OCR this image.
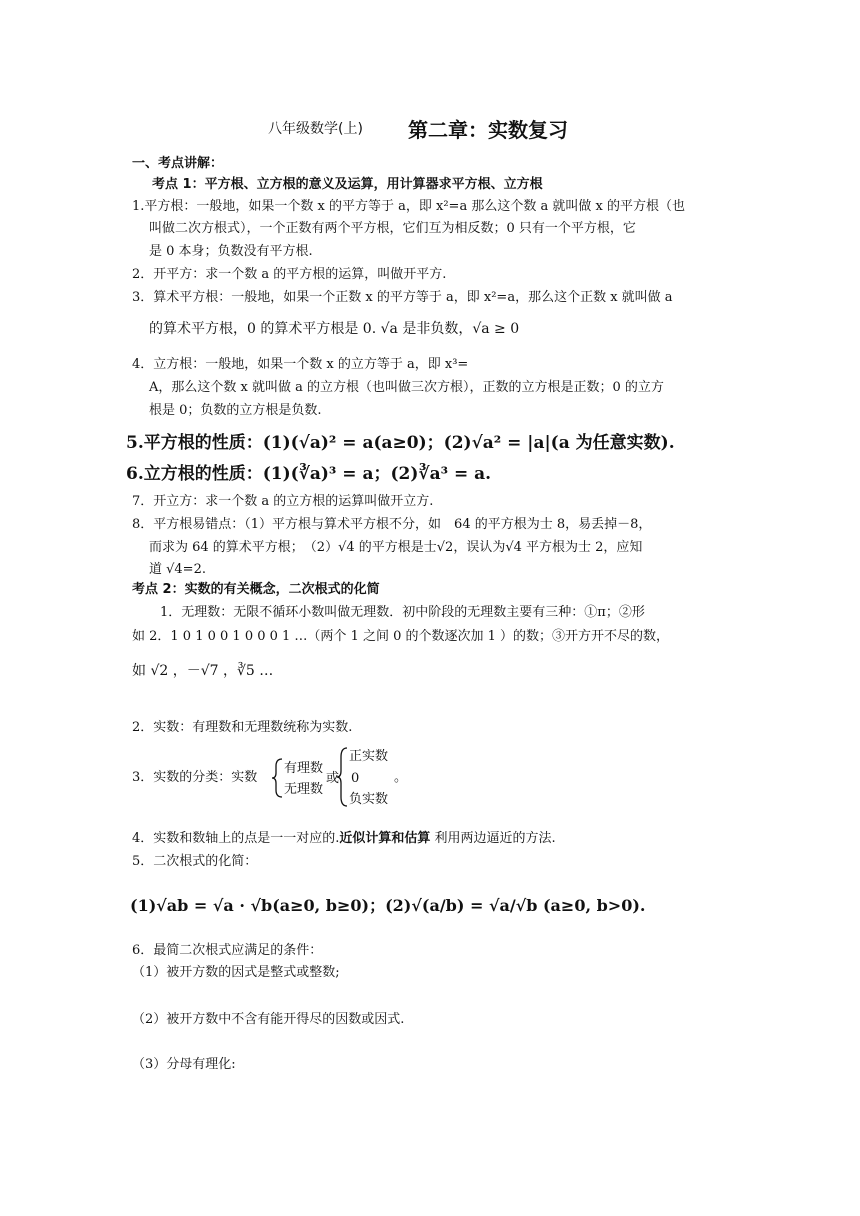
八年级数学(上) 第二章：实数复习
一、考点讲解：
考点 1：平方根、立方根的意义及运算，用计算器求平方根、立方根
1.平方根：一般地，如果一个数 x 的平方等于 a，即 x²=a 那么这个数 a 就叫做 x 的平方根（也
叫做二次方根式），一个正数有两个平方根，它们互为相反数；0 只有一个平方根，它
是 0 本身；负数没有平方根.
2．开平方：求一个数 a 的平方根的运算，叫做开平方.
3．算术平方根：一般地，如果一个正数 x 的平方等于 a，即 x²=a，那么这个正数 x 就叫做 a
的算术平方根，0 的算术平方根是 0. √a 是非负数，√a ≥ 0
4．立方根：一般地，如果一个数 x 的立方等于 a，即 x³=
A，那么这个数 x 就叫做 a 的立方根（也叫做三次方根），正数的立方根是正数；0 的立方
根是 0；负数的立方根是负数.
5.平方根的性质：(1)(√a)² = a(a≥0)；(2)√a² = |a|(a 为任意实数).
6.立方根的性质：(1)(∛a)³ = a；(2)∛a³ = a.
7．开立方：求一个数 a 的立方根的运算叫做开立方.
8．平方根易错点：（1）平方根与算术平方根不分，如　64 的平方根为士 8，易丢掉－8，
而求为 64 的算术平方根；　（2）√4 的平方根是士√2，误认为√4 平方根为士 2，应知
道 √4=2.
考点 2：实数的有关概念，二次根式的化简
1．无理数：无限不循环小数叫做无理数．初中阶段的无理数主要有三种：①π；②形
如 2．1 0 1 0 0 1 0 0 0 1 …（两个 1 之间 0 的个数逐次加 1 ）的数；③开方开不尽的数，
如 √2 ，－√7 ，∛5 …
2．实数：有理数和无理数统称为实数.
3．实数的分类：实数
有理数
无理数
或
正实数
0
负实数
。
4．实数和数轴上的点是一一对应的.近似计算和估算 利用两边逼近的方法.
5．二次根式的化简：
(1)√ab = √a · √b(a≥0, b≥0)；(2)√(a/b) = √a/√b (a≥0, b>0).
6．最简二次根式应满足的条件：
（1）被开方数的因式是整式或整数;
（2）被开方数中不含有能开得尽的因数或因式.
（3）分母有理化:
